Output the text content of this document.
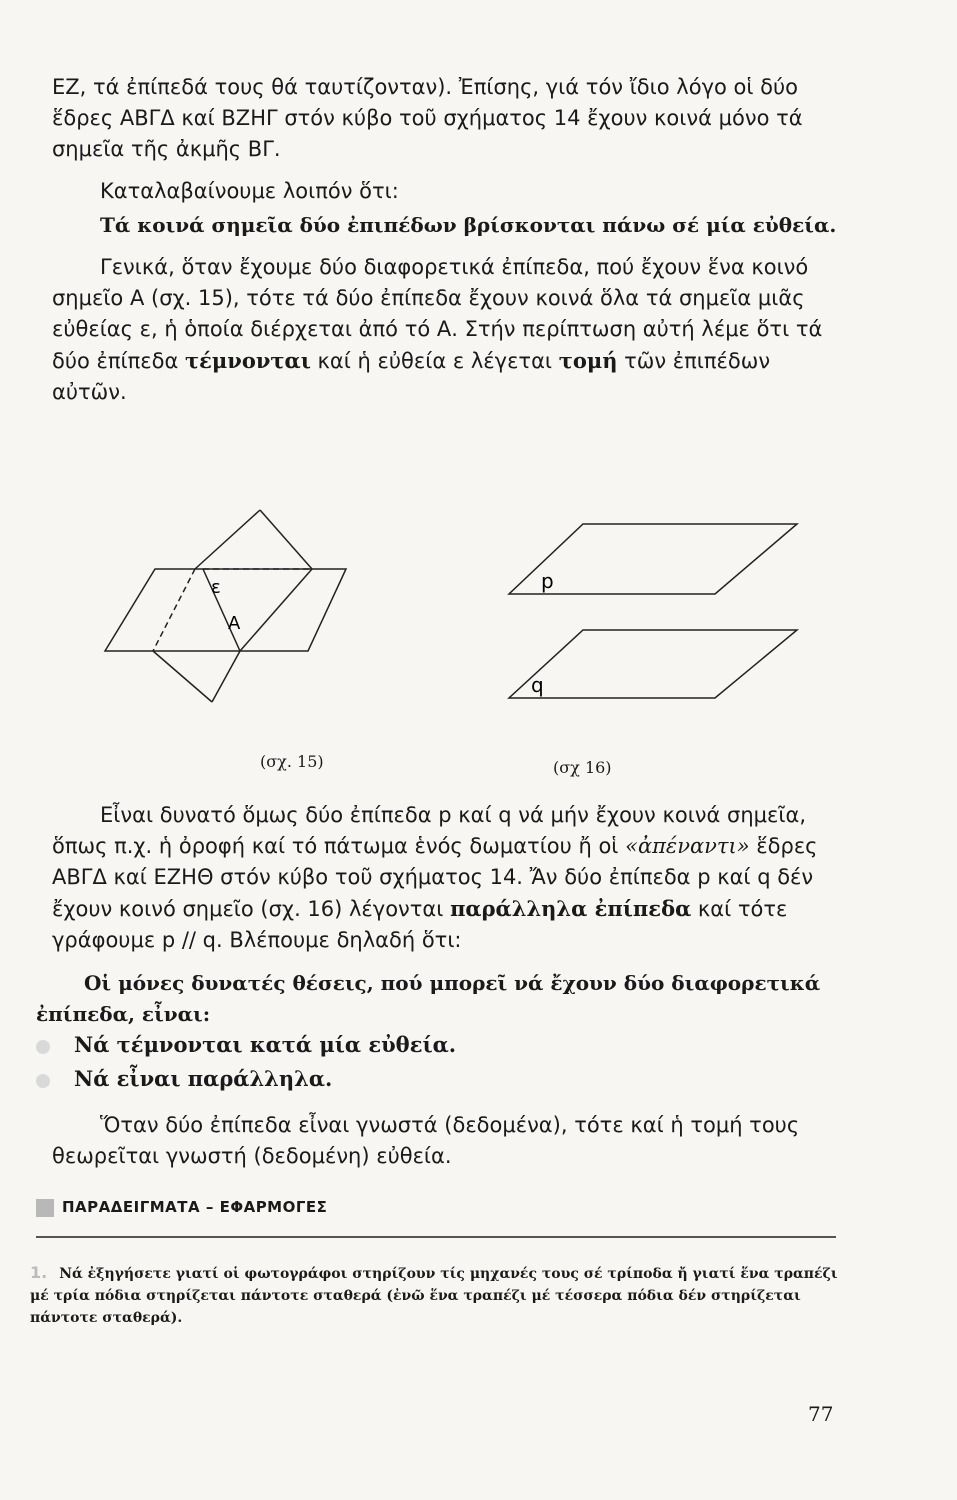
ΕΖ, τά ἐπίπεδά τους θά ταυτίζονταν). Ἐπίσης, γιά τόν ἴδιο λόγο οἱ δύο ἕδρες ΑΒΓΔ καί ΒΖΗΓ στόν κύβο τοῦ σχήματος 14 ἔχουν κοινά μόνο τά σημεῖα τῆς ἀκμῆς ΒΓ.

Καταλαβαίνουμε λοιπόν ὅτι:

Τά κοινά σημεῖα δύο ἐπιπέδων βρίσκονται πάνω σέ μία εὐθεία.

Γενικά, ὅταν ἔχουμε δύο διαφορετικά ἐπίπεδα, πού ἔχουν ἕνα κοινό σημεῖο Α (σχ. 15), τότε τά δύο ἐπίπεδα ἔχουν κοινά ὅλα τά σημεῖα μιᾶς εὐθείας ε, ἡ ὁποία διέρχεται ἀπό τό Α. Στήν περίπτωση αὐτή λέμε ὅτι τά δύο ἐπίπεδα τέμνονται καί ἡ εὐθεία ε λέγεται τομή τῶν ἐπιπέδων αὐτῶν.

ε
Α
(σχ. 15)
p
q
(σχ 16)

Εἶναι δυνατό ὅμως δύο ἐπίπεδα p καί q νά μήν ἔχουν κοινά σημεῖα, ὅπως π.χ. ἡ ὀροφή καί τό πάτωμα ἑνός δωματίου ἤ οἱ «ἀπέναντι» ἕδρες ΑΒΓΔ καί ΕΖΗΘ στόν κύβο τοῦ σχήματος 14. Ἄν δύο ἐπίπεδα p καί q δέν ἔχουν κοινό σημεῖο (σχ. 16) λέγονται παράλληλα ἐπίπεδα καί τότε γράφουμε p // q. Βλέπουμε δηλαδή ὅτι:

Οἱ μόνες δυνατές θέσεις, πού μπορεῖ νά ἔχουν δύο διαφορετικά ἐπίπεδα, εἶναι:

Νά τέμνονται κατά μία εὐθεία.
Νά εἶναι παράλληλα.

Ὅταν δύο ἐπίπεδα εἶναι γνωστά (δεδομένα), τότε καί ἡ τομή τους θεωρεῖται γνωστή (δεδομένη) εὐθεία.

ΠΑΡΑΔΕΙΓΜΑΤΑ – ΕΦΑΡΜΟΓΕΣ
1. Νά ἐξηγήσετε γιατί οἱ φωτογράφοι στηρίζουν τίς μηχανές τους σέ τρίποδα ἤ γιατί ἕνα τραπέζι μέ τρία πόδια στηρίζεται πάντοτε σταθερά (ἐνῶ ἕνα τραπέζι μέ τέσσερα πόδια δέν στηρίζεται πάντοτε σταθερά).
77
